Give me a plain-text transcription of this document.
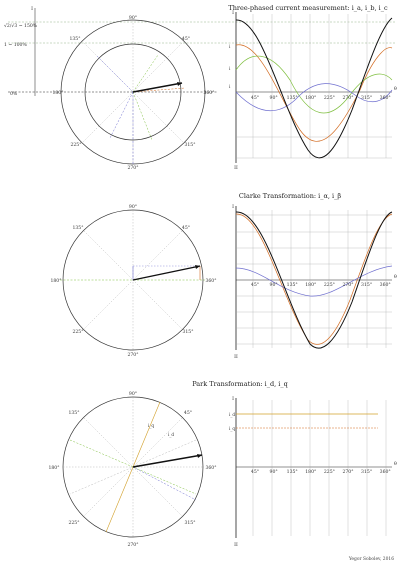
Three-phased current measurement: i_a, i_b, i_c
I
√2/√3 ~ 150%
1 ~ 100%
0%
90°
45°
135°
180°	360°
225°
270°
315°
I
θ
II
i
i
i
45° 90° 135° 180° 225° 270° 315° 360°
Clarke Transformation: i_α, i_β
90°
45°
135°
180°	360°
225°
270°
315°
I
θ
II
45° 90° 135° 180° 225° 270° 315° 360°
Park Transformation: i_d, i_q
i_d
i_q
90°
45°
135°
180°	360°
225°
270°
315°
i_d
i_q
I
θ
II
45° 90° 135° 180° 225° 270° 315° 360°
Yegor Sobolev, 2016
